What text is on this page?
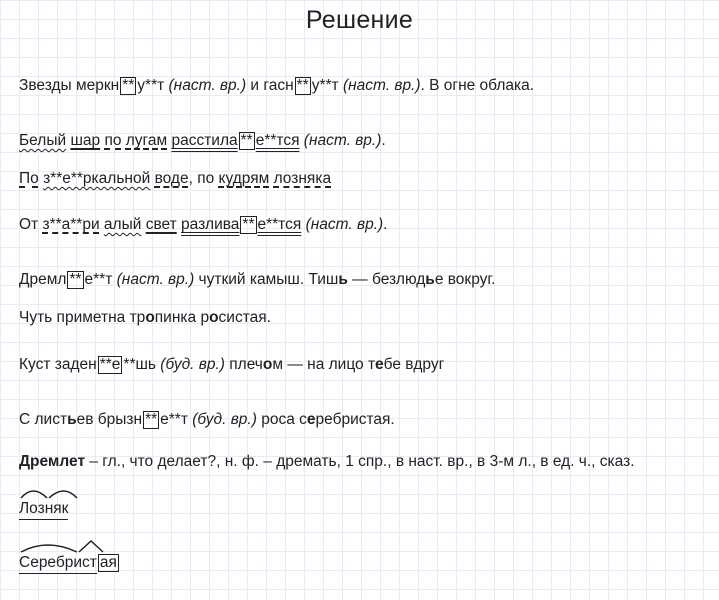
Решение
Звезды меркн ** у**т (наст. вр.) и гасн ** у**т (наст. вр.). В огне облака.
Белый шар по лугам расстила ** е**тся (наст. вр.).
По з**е**ркальной воде, по кудрям лозняка
От з**а**ри алый свет разлива ** е**тся (наст. вр.).
Дремл ** е**т (наст. вр.) чуткий камыш. Тишь — безлюдье вокруг.
Чуть приметна тропинка росистая.
Куст заден **е **шь (буд. вр.) плечом — на лицо тебе вдруг
С листьев брызн ** е**т (буд. вр.) роса серебристая.
Дремлет – гл., что делает?, н. ф. – дремать, 1 спр., в наст. вр., в 3-м л., в ед. ч., сказ.
Лозняк
Серебрист ая
